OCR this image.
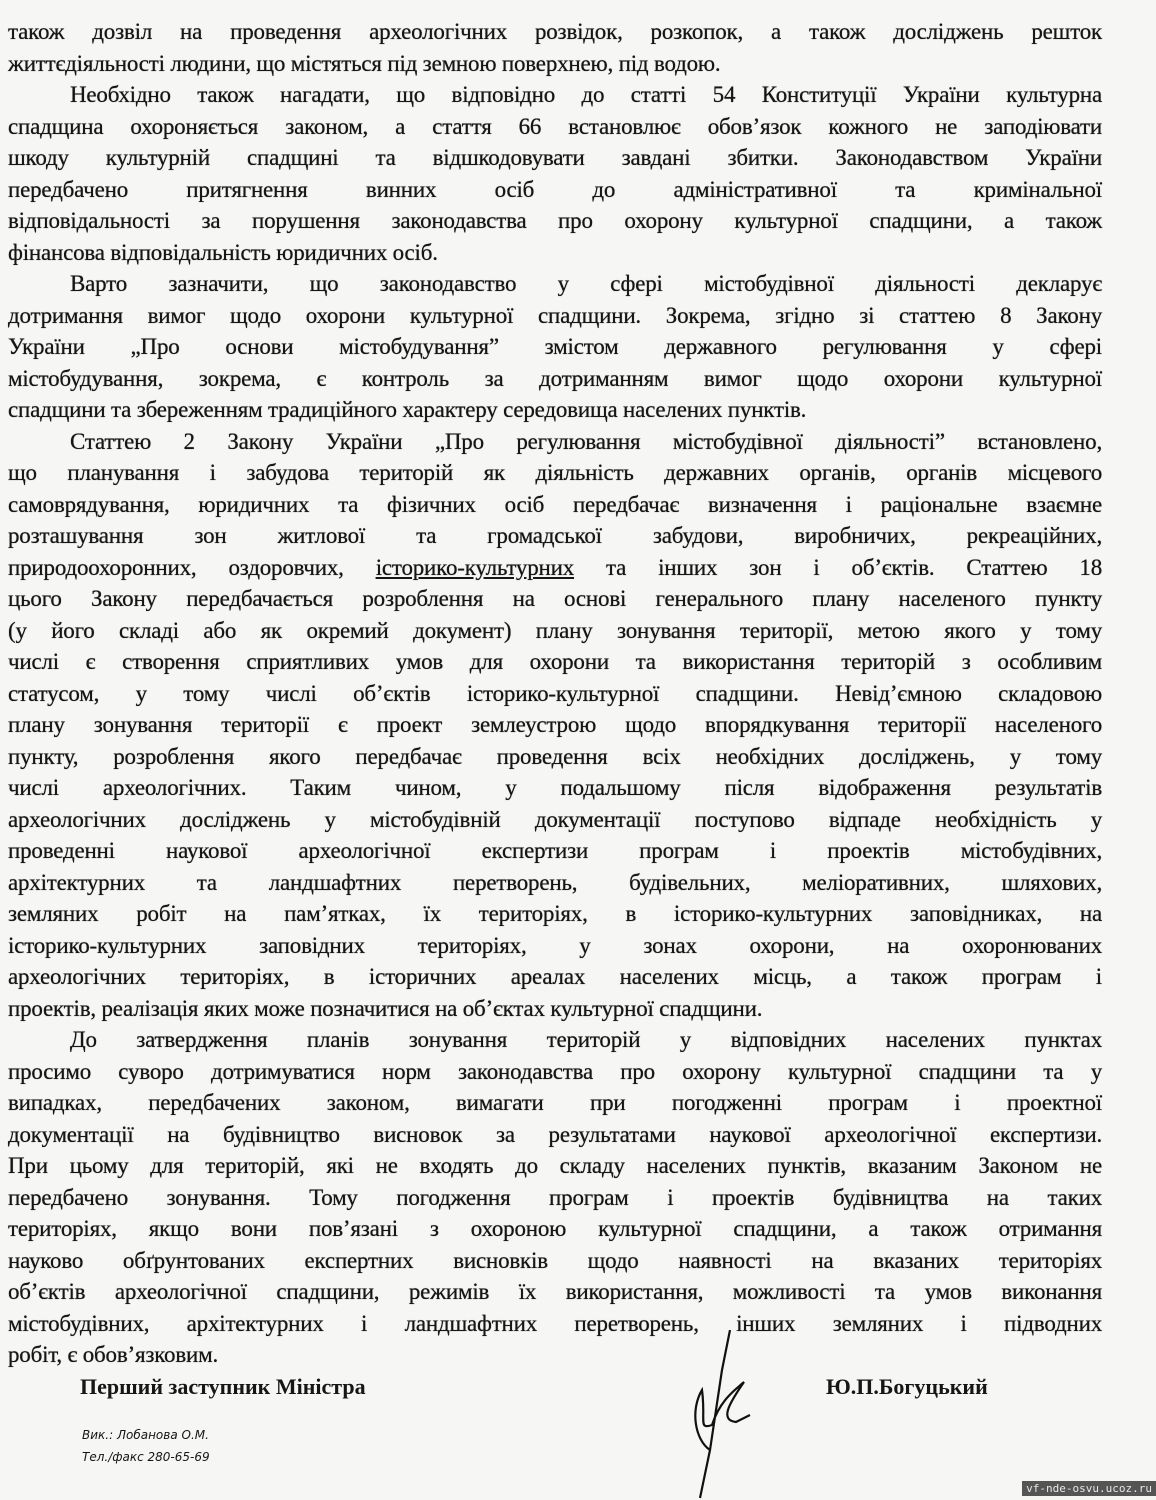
також дозвіл на проведення археологічних розвідок, розкопок, а також досліджень решток
життєдіяльності людини, що містяться під земною поверхнею, під водою.
Необхідно також нагадати, що відповідно до статті 54 Конституції України культурна
спадщина охороняється законом, а стаття 66 встановлює обов’язок кожного не заподіювати
шкоду культурній спадщині та відшкодовувати завдані збитки. Законодавством України
передбачено притягнення винних осіб до адміністративної та кримінальної
відповідальності за порушення законодавства про охорону культурної спадщини, а також
фінансова відповідальність юридичних осіб.
Варто зазначити, що законодавство у сфері містобудівної діяльності декларує
дотримання вимог щодо охорони культурної спадщини. Зокрема, згідно зі статтею 8 Закону
України „Про основи містобудування” змістом державного регулювання у сфері
містобудування, зокрема, є контроль за дотриманням вимог щодо охорони культурної
спадщини та збереженням традиційного характеру середовища населених пунктів.
Статтею 2 Закону України „Про регулювання містобудівної діяльності” встановлено,
що планування і забудова територій як діяльність державних органів, органів місцевого
самоврядування, юридичних та фізичних осіб передбачає визначення і раціональне взаємне
розташування зон житлової та громадської забудови, виробничих, рекреаційних,
природоохоронних, оздоровчих, історико-культурних та інших зон і об’єктів. Статтею 18
цього Закону передбачається розроблення на основі генерального плану населеного пункту
(у його складі або як окремий документ) плану зонування території, метою якого у тому
числі є створення сприятливих умов для охорони та використання територій з особливим
статусом, у тому числі об’єктів історико-культурної спадщини. Невід’ємною складовою
плану зонування території є проект землеустрою щодо впорядкування території населеного
пункту, розроблення якого передбачає проведення всіх необхідних досліджень, у тому
числі археологічних. Таким чином, у подальшому після відображення результатів
археологічних досліджень у містобудівній документації поступово відпаде необхідність у
проведенні наукової археологічної експертизи програм і проектів містобудівних,
архітектурних та ландшафтних перетворень, будівельних, меліоративних, шляхових,
земляних робіт на пам’ятках, їх територіях, в історико-культурних заповідниках, на
історико-культурних заповідних територіях, у зонах охорони, на охоронюваних
археологічних територіях, в історичних ареалах населених місць, а також програм і
проектів, реалізація яких може позначитися на об’єктах культурної спадщини.
До затвердження планів зонування територій у відповідних населених пунктах
просимо суворо дотримуватися норм законодавства про охорону культурної спадщини та у
випадках, передбачених законом, вимагати при погодженні програм і проектної
документації на будівництво висновок за результатами наукової археологічної експертизи.
При цьому для територій, які не входять до складу населених пунктів, вказаним Законом не
передбачено зонування. Тому погодження програм і проектів будівництва на таких
територіях, якщо вони пов’язані з охороною культурної спадщини, а також отримання
науково обґрунтованих експертних висновків щодо наявності на вказаних територіях
об’єктів археологічної спадщини, режимів їх використання, можливості та умов виконання
містобудівних, архітектурних і ландшафтних перетворень, інших земляних і підводних
робіт, є обов’язковим.
Перший заступник Міністра	Ю.П.Богуцький
Вик.: Лобанова О.М.
Тел./факс 280-65-69
vf-nde-osvu.ucoz.ru
